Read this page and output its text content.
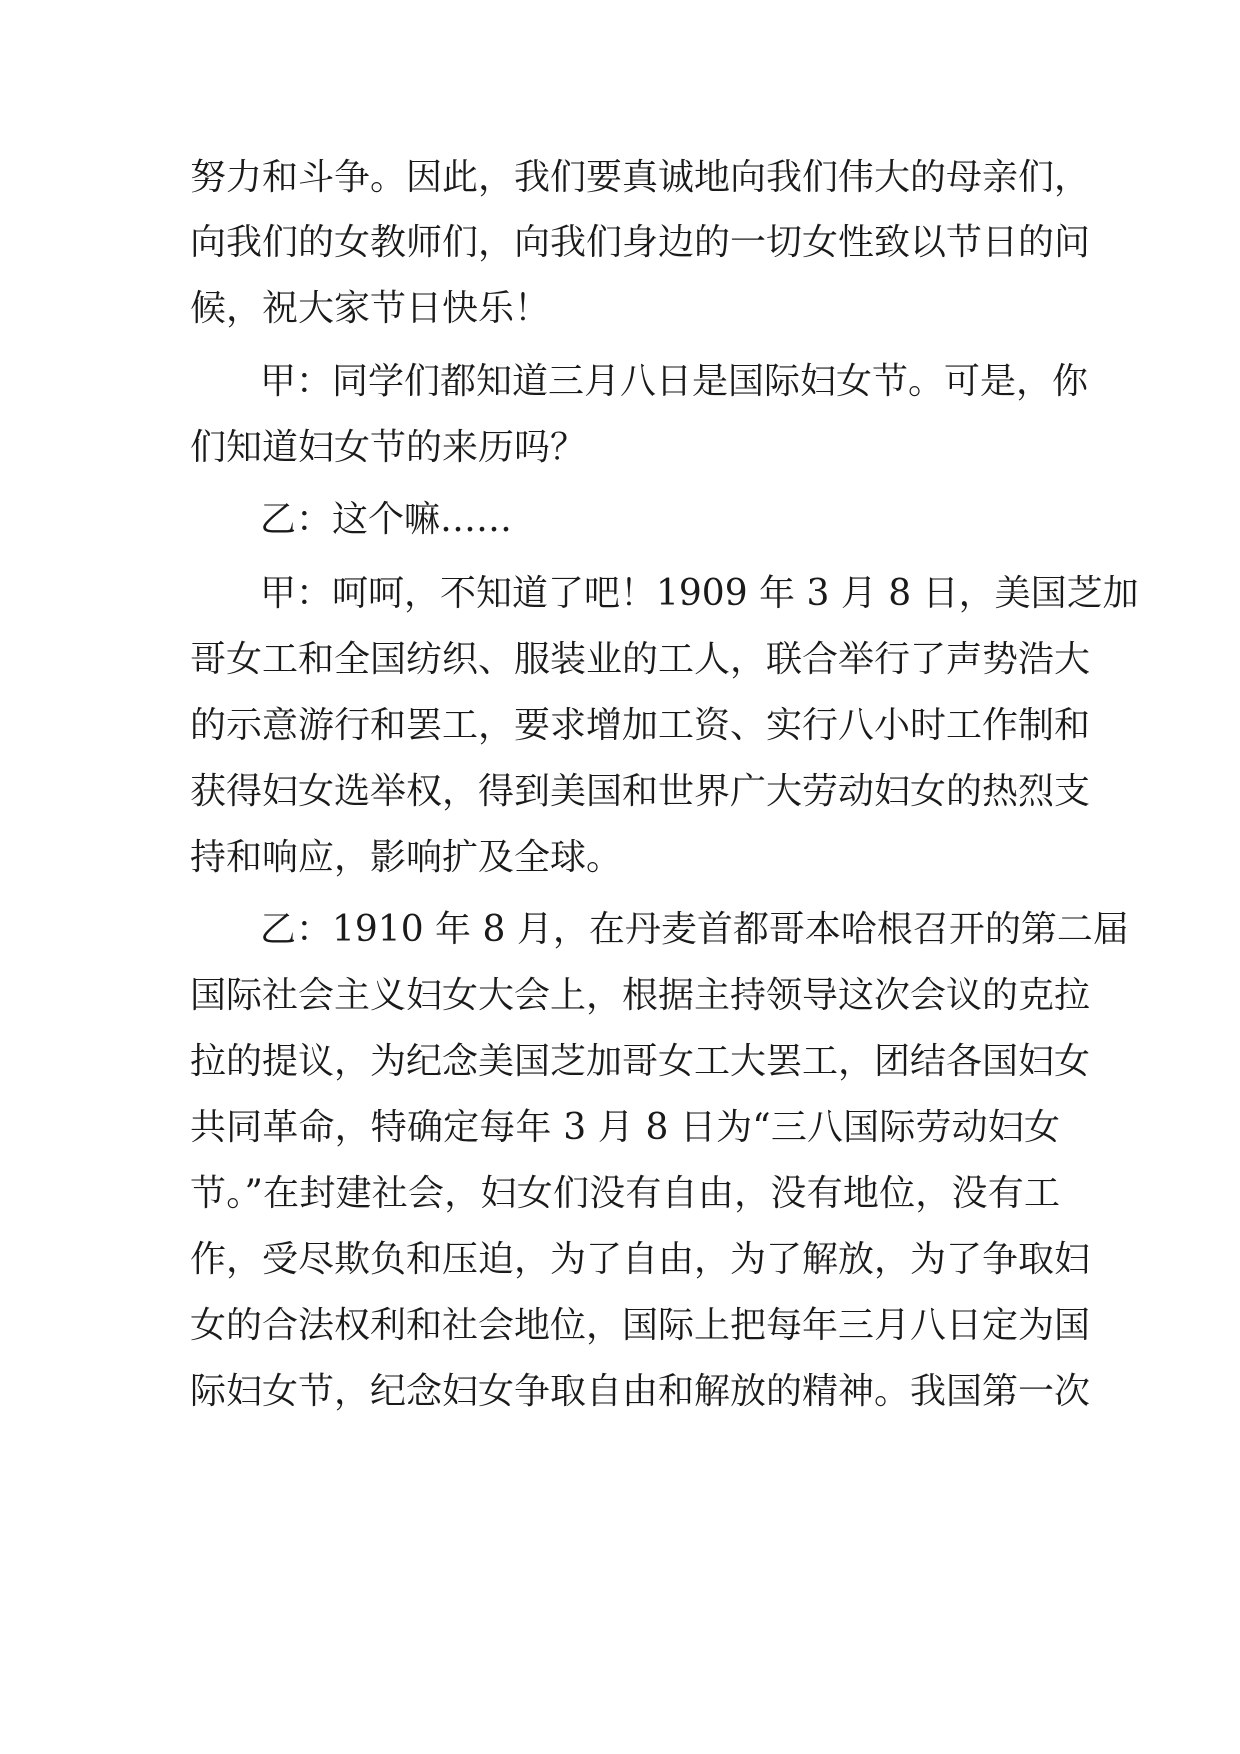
努力和斗争。因此，我们要真诚地向我们伟大的母亲们，
向我们的女教师们，向我们身边的一切女性致以节日的问
候，祝大家节日快乐！
甲：同学们都知道三月八日是国际妇女节。可是，你
们知道妇女节的来历吗？
乙：这个嘛……
甲：呵呵，不知道了吧！1909 年 3 月 8 日，美国芝加
哥女工和全国纺织、服装业的工人，联合举行了声势浩大
的示意游行和罢工，要求增加工资、实行八小时工作制和
获得妇女选举权，得到美国和世界广大劳动妇女的热烈支
持和响应，影响扩及全球。
乙：1910 年 8 月，在丹麦首都哥本哈根召开的第二届
国际社会主义妇女大会上，根据主持领导这次会议的克拉
拉的提议，为纪念美国芝加哥女工大罢工，团结各国妇女
共同革命，特确定每年 3 月 8 日为“三八国际劳动妇女
节。”在封建社会，妇女们没有自由，没有地位，没有工
作，受尽欺负和压迫，为了自由，为了解放，为了争取妇
女的合法权利和社会地位，国际上把每年三月八日定为国
际妇女节，纪念妇女争取自由和解放的精神。我国第一次
